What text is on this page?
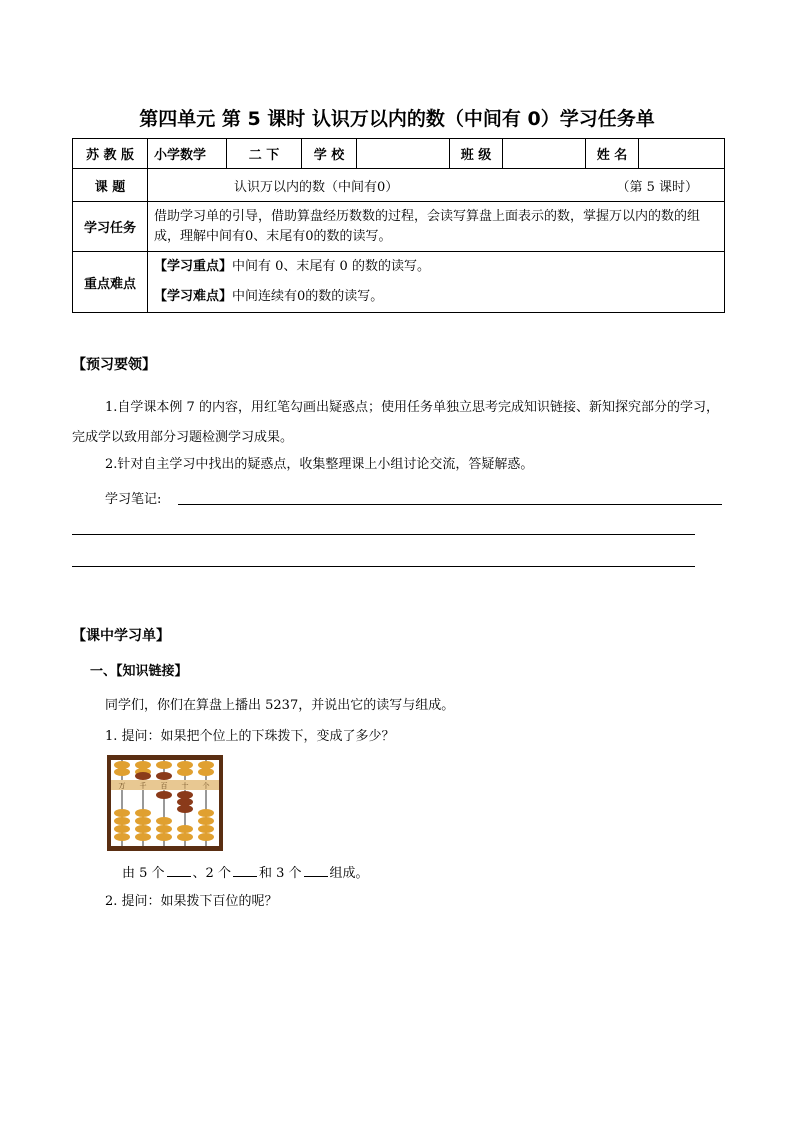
第四单元 第 5 课时 认识万以内的数（中间有 0）学习任务单
苏 教 版	小学数学	二 下	学 校		班 级		姓 名	
课 题	认识万以内的数（中间有0） （第 5 课时）							

学习任务	借助学习单的引导，借助算盘经历数数的过程，会读写算盘上面表示的数，掌握万以内的数的组成，理解中间有0、末尾有0的数的读写。							
重点难点	【学习重点】中间有 0、末尾有 0 的数的读写。
【学习难点】中间连续有0的数的读写。							
【预习要领】
1.自学课本例 7 的内容，用红笔勾画出疑惑点；使用任务单独立思考完成知识链接、新知探究部分的学习，完成学以致用部分习题检测学习成果。
2.针对自主学习中找出的疑惑点，收集整理课上小组讨论交流，答疑解惑。
学习笔记:
【课中学习单】
一、【知识链接】
同学们，你们在算盘上播出 5237，并说出它的读写与组成。
1. 提问：如果把个位上的下珠拨下，变成了多少？
万 千 百 十 个
由 5 个 、2 个 和 3 个 组成。
2. 提问：如果拨下百位的呢？
